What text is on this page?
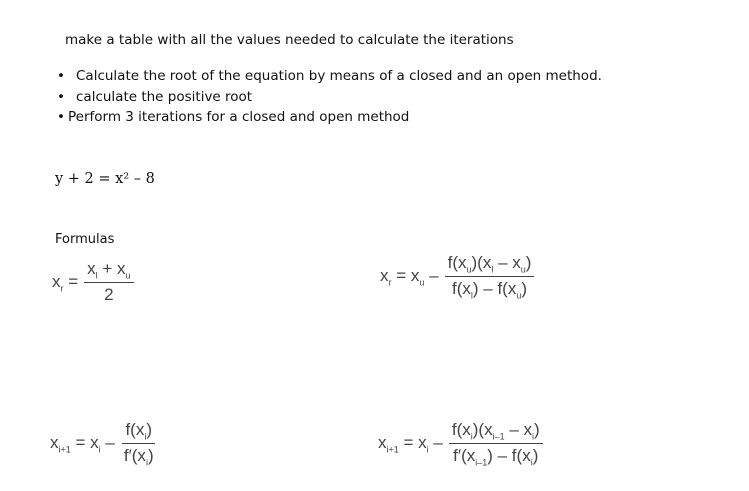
make a table with all the values needed to calculate the iterations
• Calculate the root of the equation by means of a closed and an open method.
• calculate the positive root
• Perform 3 iterations for a closed and open method
y + 2 = x² – 8
Formulas
$x_r = \frac{x_l + x_u}{2}$	$x_r = x_u - \frac{f(x_u)(x_l - x_u)}{f(x_l) - f(x_u)}$
$x_{i+1} = x_i - \frac{f(x_i)}{f'(x_i)}$	$x_{i+1} = x_i - \frac{f(x_i)(x_{i-1} - x_i)}{f'(x_{i-1}) - f(x_i)}$
